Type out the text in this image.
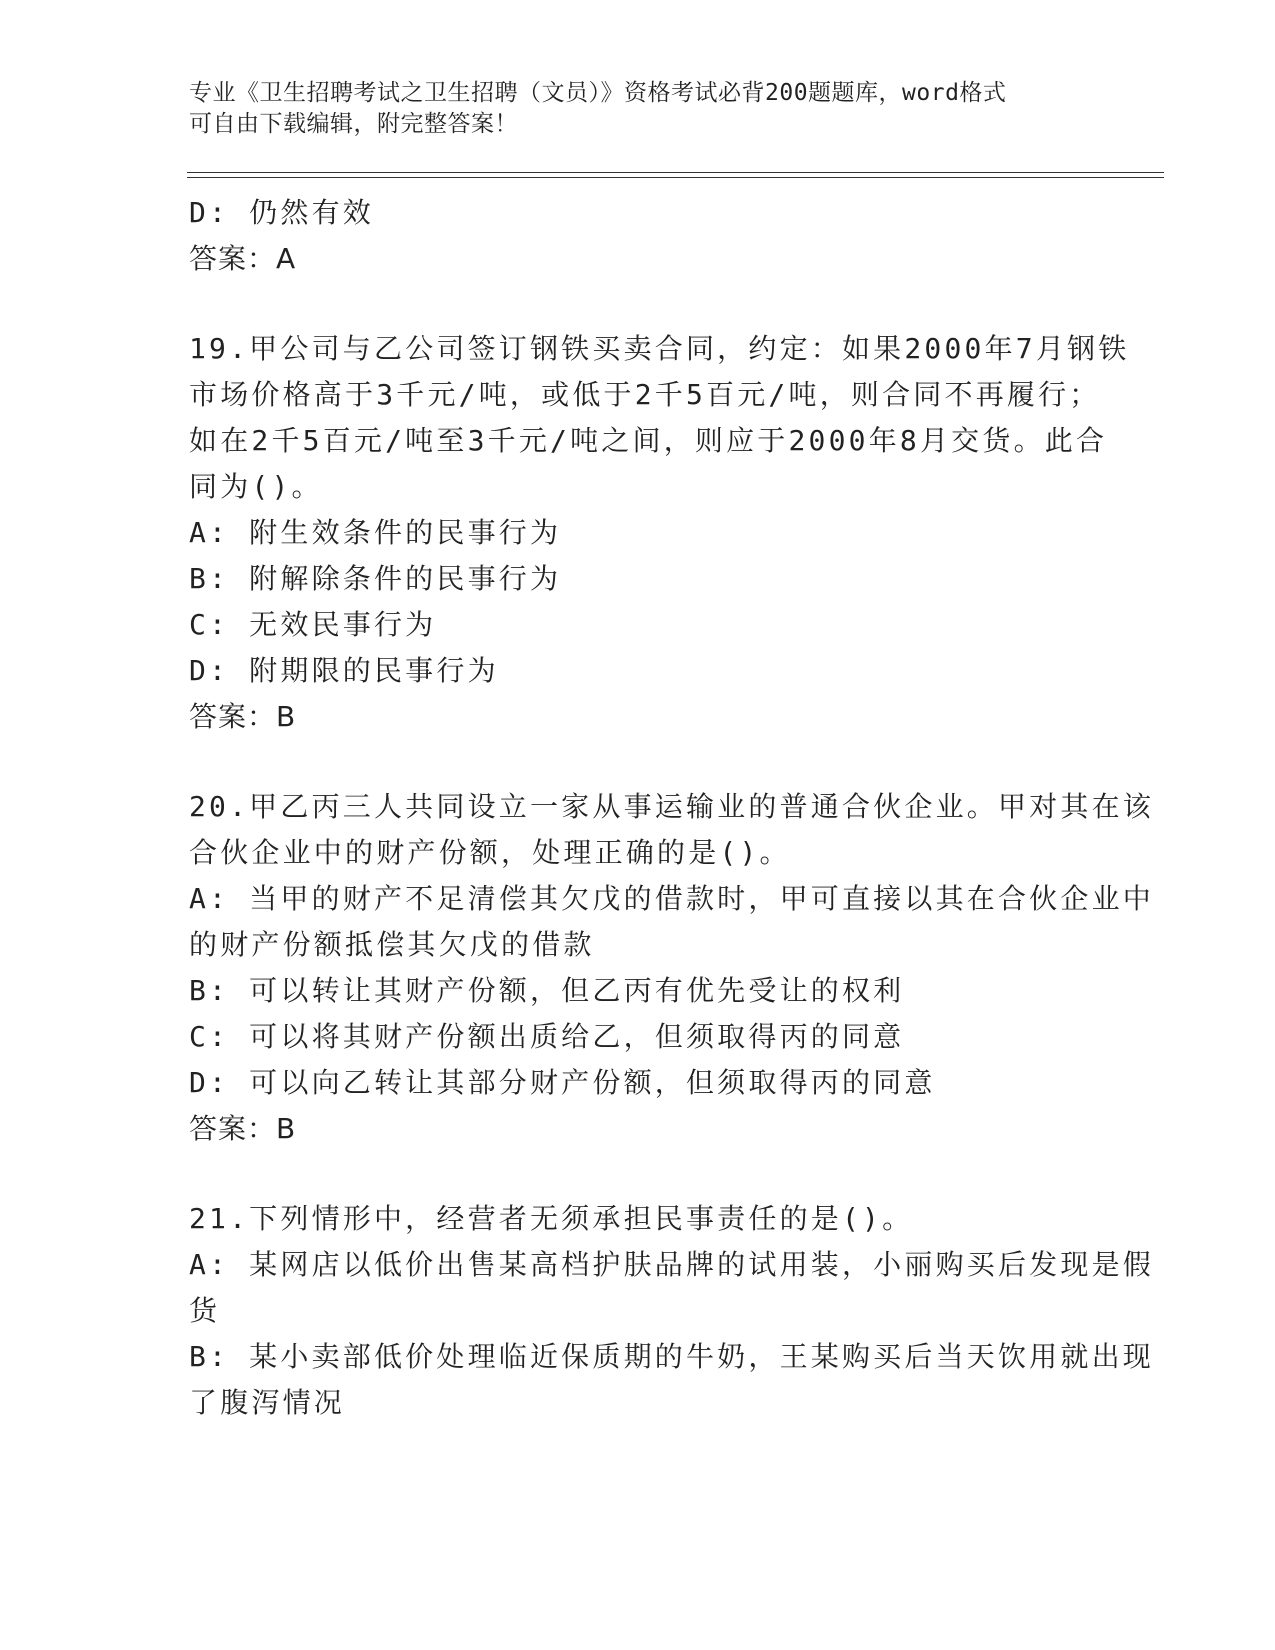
专业《卫生招聘考试之卫生招聘（文员）》资格考试必背200题题库，word格式
可自由下载编辑，附完整答案！
D: 仍然有效
答案：A
19.甲公司与乙公司签订钢铁买卖合同，约定：如果2000年7月钢铁
市场价格高于3千元/吨，或低于2千5百元/吨，则合同不再履行；
如在2千5百元/吨至3千元/吨之间，则应于2000年8月交货。此合
同为()。
A: 附生效条件的民事行为
B: 附解除条件的民事行为
C: 无效民事行为
D: 附期限的民事行为
答案：B
20.甲乙丙三人共同设立一家从事运输业的普通合伙企业。甲对其在该
合伙企业中的财产份额，处理正确的是()。
A: 当甲的财产不足清偿其欠戊的借款时，甲可直接以其在合伙企业中
的财产份额抵偿其欠戊的借款
B: 可以转让其财产份额，但乙丙有优先受让的权利
C: 可以将其财产份额出质给乙，但须取得丙的同意
D: 可以向乙转让其部分财产份额，但须取得丙的同意
答案：B
21.下列情形中，经营者无须承担民事责任的是()。
A: 某网店以低价出售某高档护肤品牌的试用装，小丽购买后发现是假
货
B: 某小卖部低价处理临近保质期的牛奶，王某购买后当天饮用就出现
了腹泻情况
